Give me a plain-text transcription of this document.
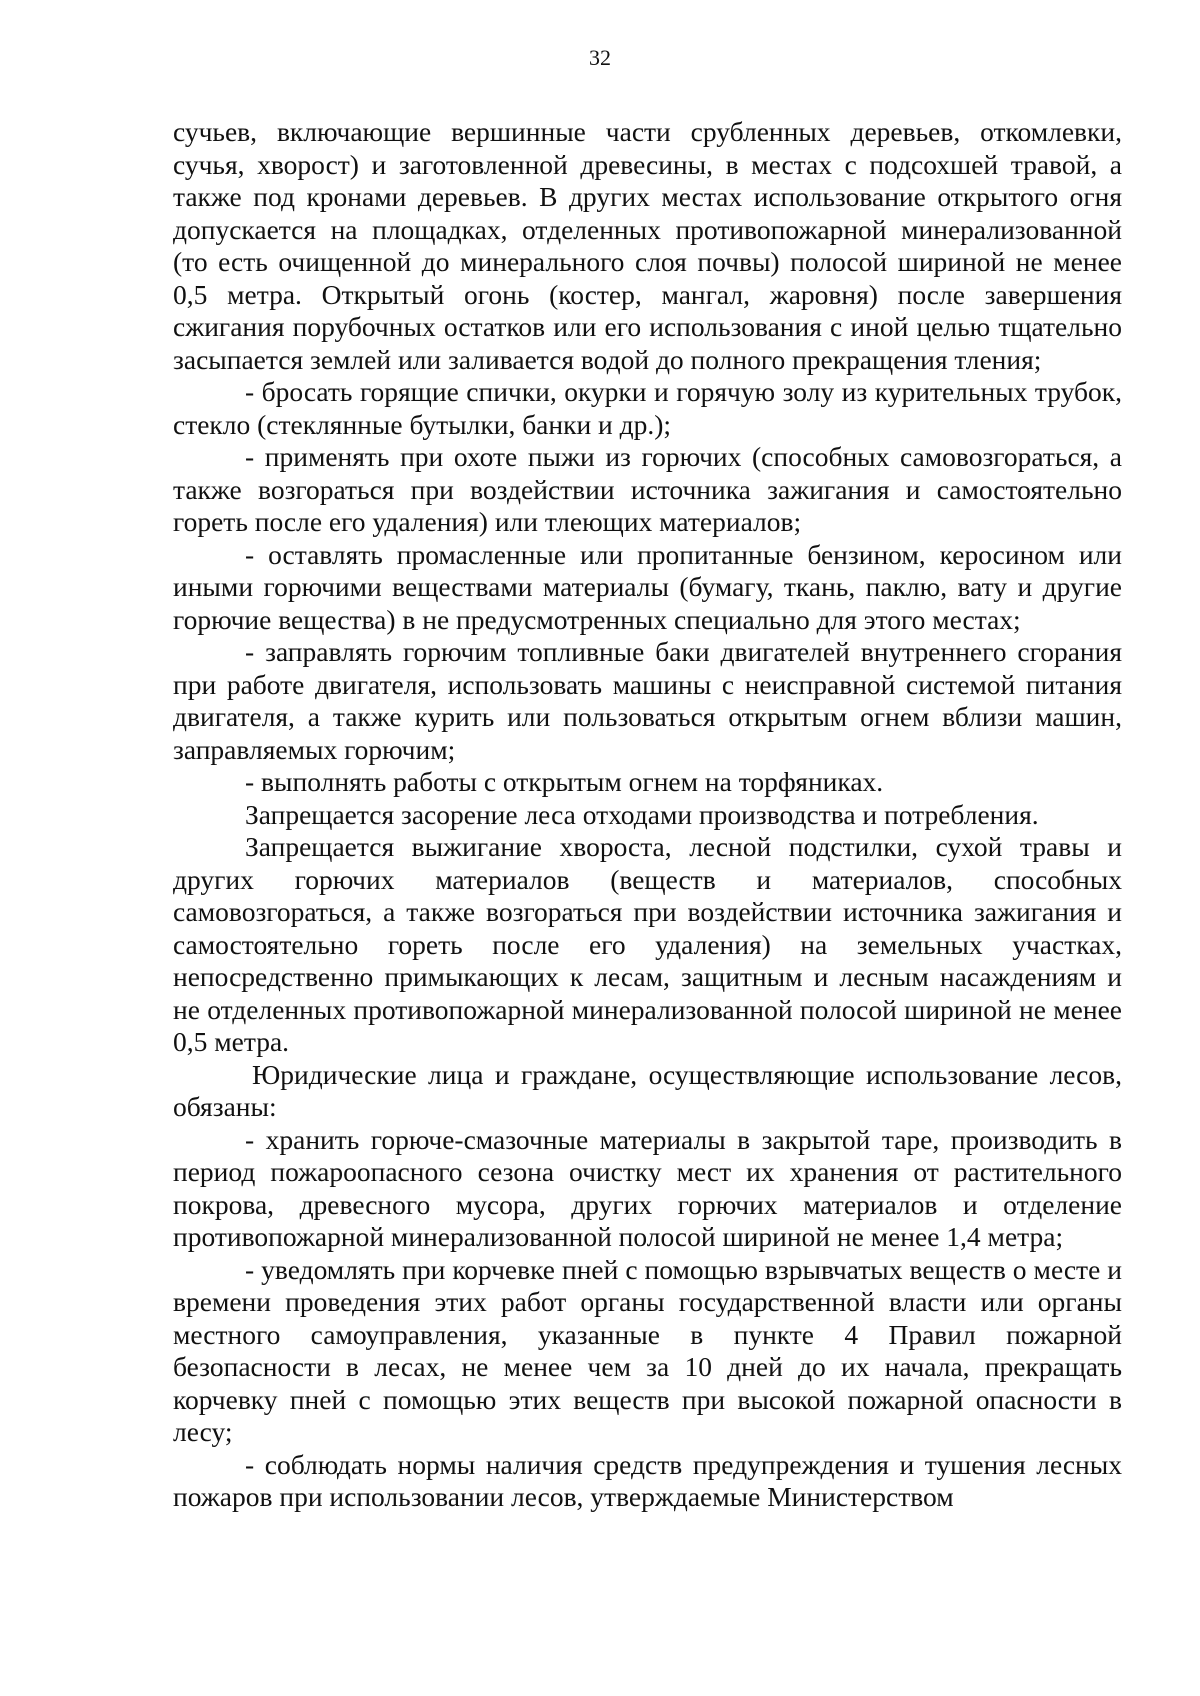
32

сучьев, включающие вершинные части срубленных деревьев, откомлевки, сучья, хворост) и заготовленной древесины, в местах с подсохшей травой, а также под кронами деревьев. В других местах использование открытого огня допускается на площадках, отделенных противопожарной минерализованной (то есть очищенной до минерального слоя почвы) полосой шириной не менее 0,5 метра. Открытый огонь (костер, мангал, жаровня) после завершения сжигания порубочных остатков или его использования с иной целью тщательно засыпается землей или заливается водой до полного прекращения тления;

- бросать горящие спички, окурки и горячую золу из курительных трубок, стекло (стеклянные бутылки, банки и др.);

- применять при охоте пыжи из горючих (способных самовозгораться, а также возгораться при воздействии источника зажигания и самостоятельно гореть после его удаления) или тлеющих материалов;

- оставлять промасленные или пропитанные бензином, керосином или иными горючими веществами материалы (бумагу, ткань, паклю, вату и другие горючие вещества) в не предусмотренных специально для этого местах;

- заправлять горючим топливные баки двигателей внутреннего сгорания при работе двигателя, использовать машины с неисправной системой питания двигателя, а также курить или пользоваться открытым огнем вблизи машин, заправляемых горючим;

- выполнять работы с открытым огнем на торфяниках.

Запрещается засорение леса отходами производства и потребления.

Запрещается выжигание хвороста, лесной подстилки, сухой травы и других горючих материалов (веществ и материалов, способных самовозгораться, а также возгораться при воздействии источника зажигания и самостоятельно гореть после его удаления) на земельных участках, непосредственно примыкающих к лесам, защитным и лесным насаждениям и не отделенных противопожарной минерализованной полосой шириной не менее 0,5 метра.

Юридические лица и граждане, осуществляющие использование лесов, обязаны:

- хранить горюче-смазочные материалы в закрытой таре, производить в период пожароопасного сезона очистку мест их хранения от растительного покрова, древесного мусора, других горючих материалов и отделение противопожарной минерализованной полосой шириной не менее 1,4 метра;

- уведомлять при корчевке пней с помощью взрывчатых веществ о месте и времени проведения этих работ органы государственной власти или органы местного самоуправления, указанные в пункте 4 Правил пожарной безопасности в лесах, не менее чем за 10 дней до их начала, прекращать корчевку пней с помощью этих веществ при высокой пожарной опасности в лесу;

- соблюдать нормы наличия средств предупреждения и тушения лесных пожаров при использовании лесов, утверждаемые Министерством
